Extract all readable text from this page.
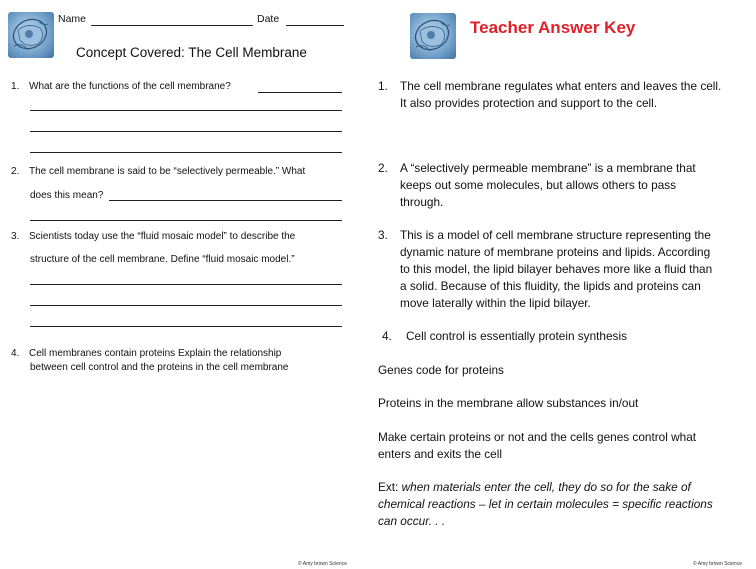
Name	Date
Concept Covered: The Cell Membrane
1. What are the functions of the cell membrane?
2. The cell membrane is said to be “selectively permeable.” What
does this mean?
3. Scientists today use the “fluid mosaic model” to describe the
structure of the cell membrane. Define “fluid mosaic model.”
4. Cell membranes contain proteins Explain the relationship
between cell control and the proteins in the cell membrane
© Amy brown Science
Teacher Answer Key
1. The cell membrane regulates what enters and leaves the cell.
It also provides protection and support to the cell.
2. A “selectively permeable membrane” is a membrane that
keeps out some molecules, but allows others to pass
through.
3. This is a model of cell membrane structure representing the
dynamic nature of membrane proteins and lipids. According
to this model, the lipid bilayer behaves more like a fluid than
a solid. Because of this fluidity, the lipids and proteins can
move laterally within the lipid bilayer.
4. Cell control is essentially protein synthesis
Genes code for proteins
Proteins in the membrane allow substances in/out
Make certain proteins or not and the cells genes control what
enters and exits the cell
Ext: when materials enter the cell, they do so for the sake of
chemical reactions – let in certain molecules = specific reactions
can occur. . .
© Amy brown Science
